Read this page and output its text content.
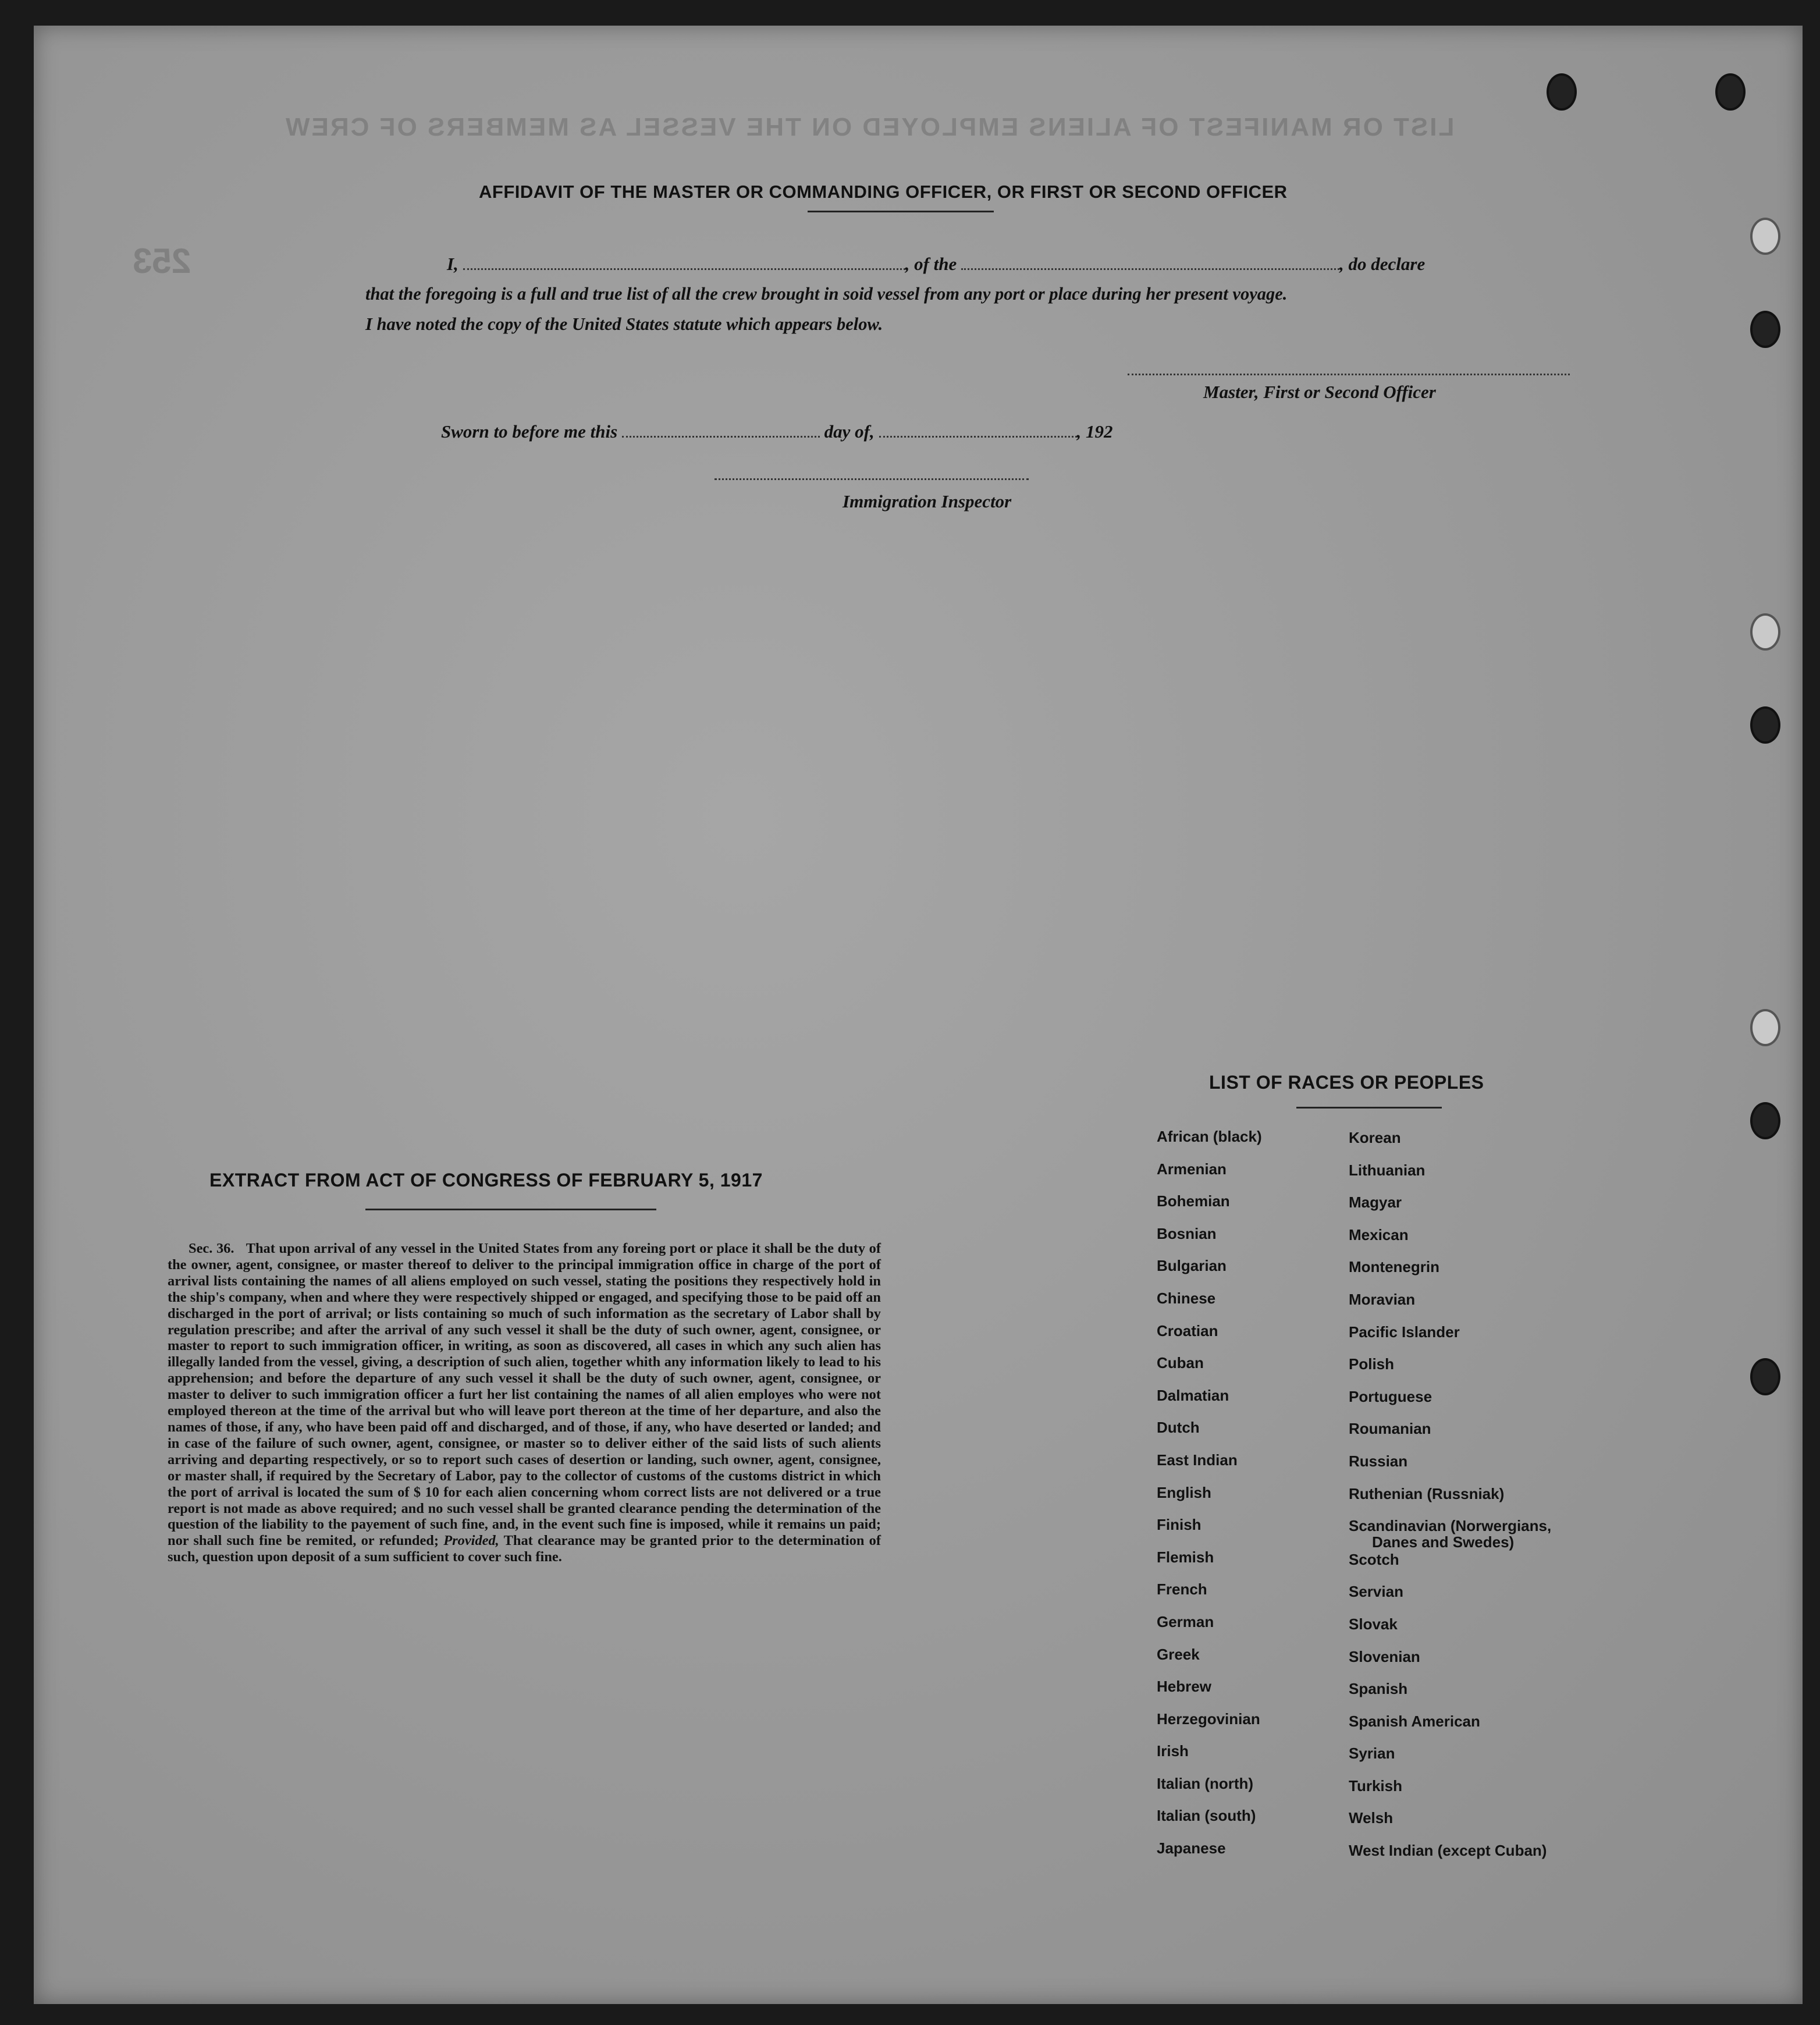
LIST OR MANIFEST OF ALIENS EMPLOYED ON THE VESSEL AS MEMBERS OF CREW
253
AFFIDAVIT OF THE MASTER OR COMMANDING OFFICER, OR FIRST OR SECOND OFFICER
I,	, of the	, do declare
that the foregoing is a full and true list of all the crew brought in soid vessel from any port or place during her present voyage.
I have noted the copy of the United States statute which appears below.
Master, First or Second Officer
Sworn to before me this	day of,	, 192
Immigration Inspector
EXTRACT FROM ACT OF CONGRESS OF FEBRUARY 5, 1917
Sec. 36. That upon arrival of any vessel in the United States from any foreing port or place it shall be the duty of the owner, agent, consignee, or master thereof to deliver to the principal immigration office in charge of the port of arrival lists containing the names of all aliens employed on such vessel, stating the positions they respectively hold in the ship's company, when and where they were respectively shipped or engaged, and specifying those to be paid off an discharged in the port of arrival; or lists containing so much of such information as the secretary of Labor shall by regulation prescribe; and after the arrival of any such vessel it shall be the duty of such owner, agent, consignee, or master to report to such immigration officer, in writing, as soon as discovered, all cases in which any such alien has illegally landed from the vessel, giving, a description of such alien, together whith any information likely to lead to his apprehension; and before the departure of any such vessel it shall be the duty of such owner, agent, consignee, or master to deliver to such immigration officer a furt her list containing the names of all alien employes who were not employed thereon at the time of the arrival but who will leave port thereon at the time of her departure, and also the names of those, if any, who have been paid off and discharged, and of those, if any, who have deserted or landed; and in case of the failure of such owner, agent, consignee, or master so to deliver either of the said lists of such alients arriving and departing respectively, or so to report such cases of desertion or landing, such owner, agent, consignee, or master shall, if required by the Secretary of Labor, pay to the collector of customs of the customs district in which the port of arrival is located the sum of $ 10 for each alien concerning whom correct lists are not delivered or a true report is not made as above required; and no such vessel shall be granted clearance pending the determination of the question of the liability to the payement of such fine, and, in the event such fine is imposed, while it remains un paid; nor shall such fine be remited, or refunded; Provided, That clearance may be granted prior to the determination of such, question upon deposit of a sum sufficient to cover such fine.
LIST OF RACES OR PEOPLES
African (black)
Armenian
Bohemian
Bosnian
Bulgarian
Chinese
Croatian
Cuban
Dalmatian
Dutch
East Indian
English
Finish
Flemish
French
German
Greek
Hebrew
Herzegovinian
Irish
Italian (north)
Italian (south)
Japanese
Korean
Lithuanian
Magyar
Mexican
Montenegrin
Moravian
Pacific Islander
Polish
Portuguese
Roumanian
Russian
Ruthenian (Russniak)
Scandinavian (Norwergians,
Danes and Swedes)
Scotch
Servian
Slovak
Slovenian
Spanish
Spanish American
Syrian
Turkish
Welsh
West Indian (except Cuban)
